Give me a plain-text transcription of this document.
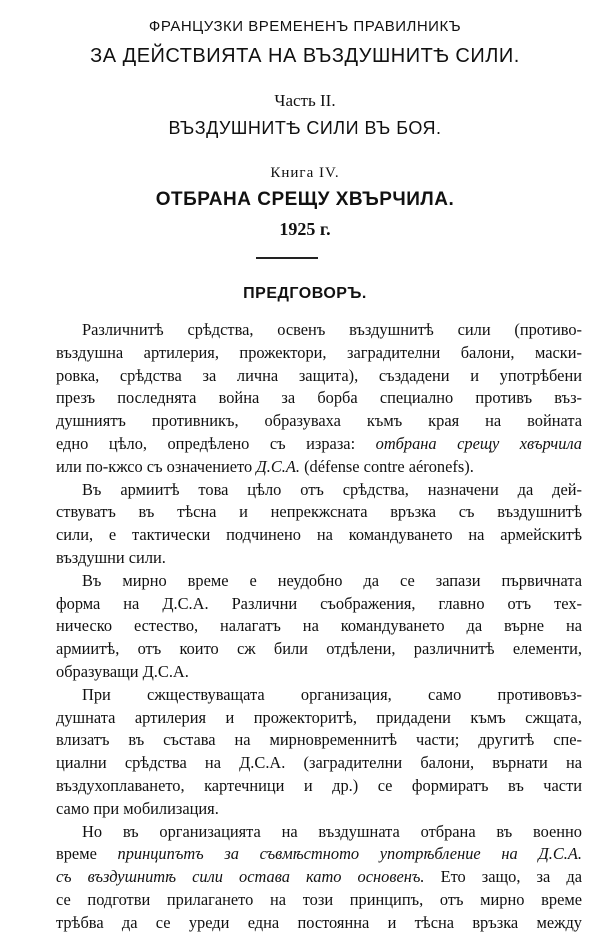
ФРАНЦУЗКИ ВРЕМЕНЕНЪ ПРАВИЛНИКЪ
ЗА ДЕЙСТВИЯТА НА ВЪЗДУШНИТѢ СИЛИ.
Часть II.
ВЪЗДУШНИТѢ СИЛИ ВЪ БОЯ.
Книга IV.
ОТБРАНА СРЕЩУ ХВЪРЧИЛА.
1925 г.
ПРЕДГОВОРЪ.
Различнитѣ срѣдства, освенъ въздушнитѣ сили (противо-
въздушна артилерия, прожектори, заградителни балони, маски-
ровка, срѣдства за лична защита), създадени и употрѣбени
презъ последнята война за борба специално противъ въз-
душниятъ противникъ, образуваха къмъ края на войната
едно цѣло, опредѣлено съ израза: отбрана срещу хвърчила
или по-кжсо съ означението Д.С.А. (défense contre aéronefs).
Въ армиитѣ това цѣло отъ срѣдства, назначени да дей-
ствуватъ въ тѣсна и непрекжсната връзка съ въздушнитѣ
сили, е тактически подчинено на командуването на армейскитѣ
въздушни сили.
Въ мирно време е неудобно да се запази първичната
форма на Д.С.А. Различни съображения, главно отъ тех-
ническо естество, налагатъ на командуването да върне на
армиитѣ, отъ които сж били отдѣлени, различнитѣ елементи,
образуващи Д.С.А.
При сжществуващата организация, само противовъз-
душната артилерия и прожекторитѣ, придадени къмъ сжщата,
влизатъ въ състава на мирновременнитѣ части; другитѣ спе-
циални срѣдства на Д.С.А. (заградителни балони, върнати на
въздухоплаването, картечници и др.) се формиратъ въ части
само при мобилизация.
Но въ организацията на въздушната отбрана въ военно
време принципътъ за съвмѣстното употрѣбление на Д.С.А.
съ въздушнитѣ сили остава като основенъ. Ето защо, за да
се подготви прилагането на този принципъ, отъ мирно време
трѣбва да се уреди една постоянна и тѣсна връзка между
